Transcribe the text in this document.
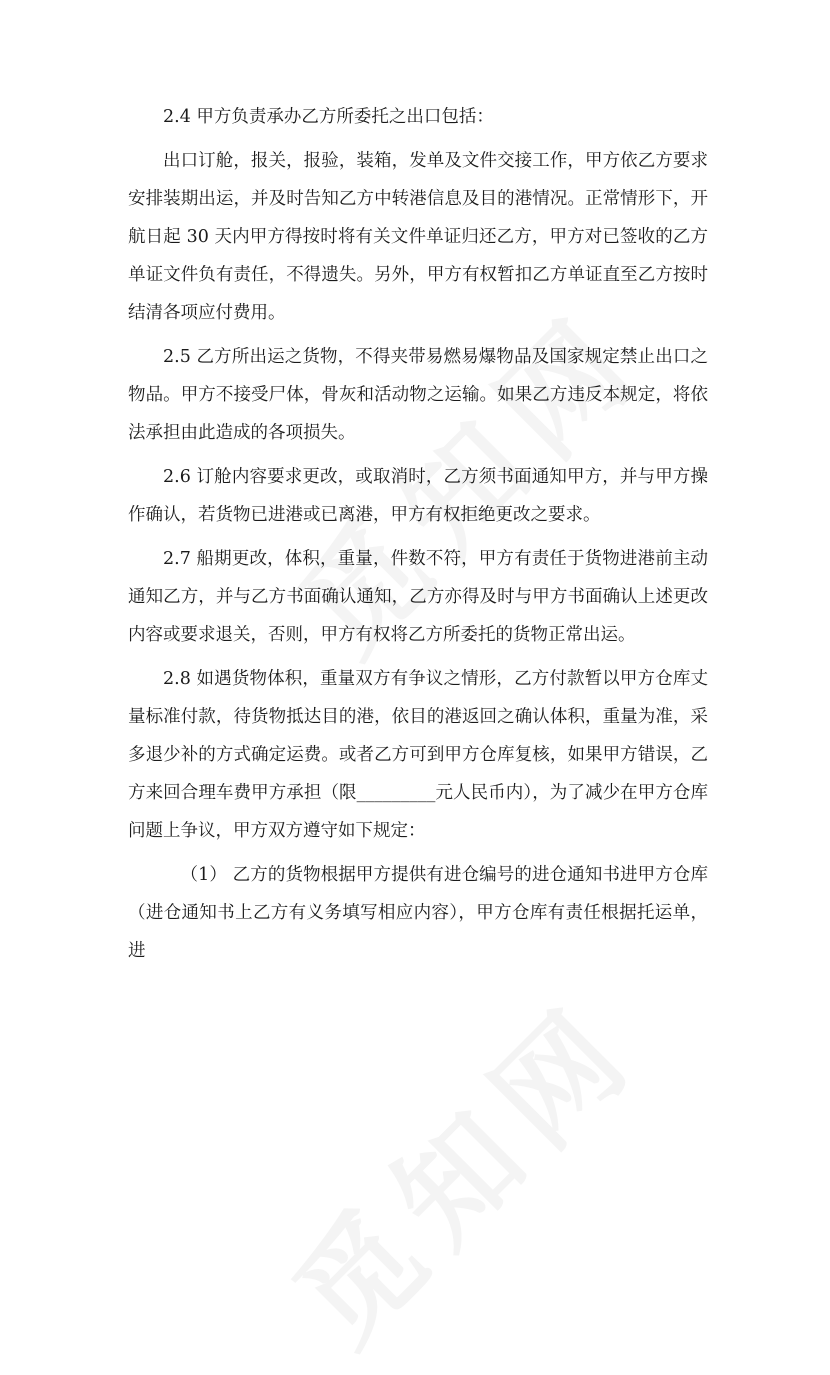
2.4 甲方负责承办乙方所委托之出口包括：

出口订舱，报关，报验，装箱，发单及文件交接工作，甲方依乙方要求安排装期出运，并及时告知乙方中转港信息及目的港情况。正常情形下，开航日起 30 天内甲方得按时将有关文件单证归还乙方，甲方对已签收的乙方单证文件负有责任，不得遗失。另外，甲方有权暂扣乙方单证直至乙方按时结清各项应付费用。

2.5 乙方所出运之货物，不得夹带易燃易爆物品及国家规定禁止出口之物品。甲方不接受尸体，骨灰和活动物之运输。如果乙方违反本规定，将依法承担由此造成的各项损失。

2.6 订舱内容要求更改，或取消时，乙方须书面通知甲方，并与甲方操作确认，若货物已进港或已离港，甲方有权拒绝更改之要求。

2.7 船期更改，体积，重量，件数不符，甲方有责任于货物进港前主动通知乙方，并与乙方书面确认通知，乙方亦得及时与甲方书面确认上述更改内容或要求退关，否则，甲方有权将乙方所委托的货物正常出运。

2.8 如遇货物体积，重量双方有争议之情形，乙方付款暂以甲方仓库丈量标准付款，待货物抵达目的港，依目的港返回之确认体积，重量为准，采多退少补的方式确定运费。或者乙方可到甲方仓库复核，如果甲方错误，乙方来回合理车费甲方承担（限_________元人民币内），为了减少在甲方仓库问题上争议，甲方双方遵守如下规定：

（1） 乙方的货物根据甲方提供有进仓编号的进仓通知书进甲方仓库（进仓通知书上乙方有义务填写相应内容），甲方仓库有责任根据托运单，进
